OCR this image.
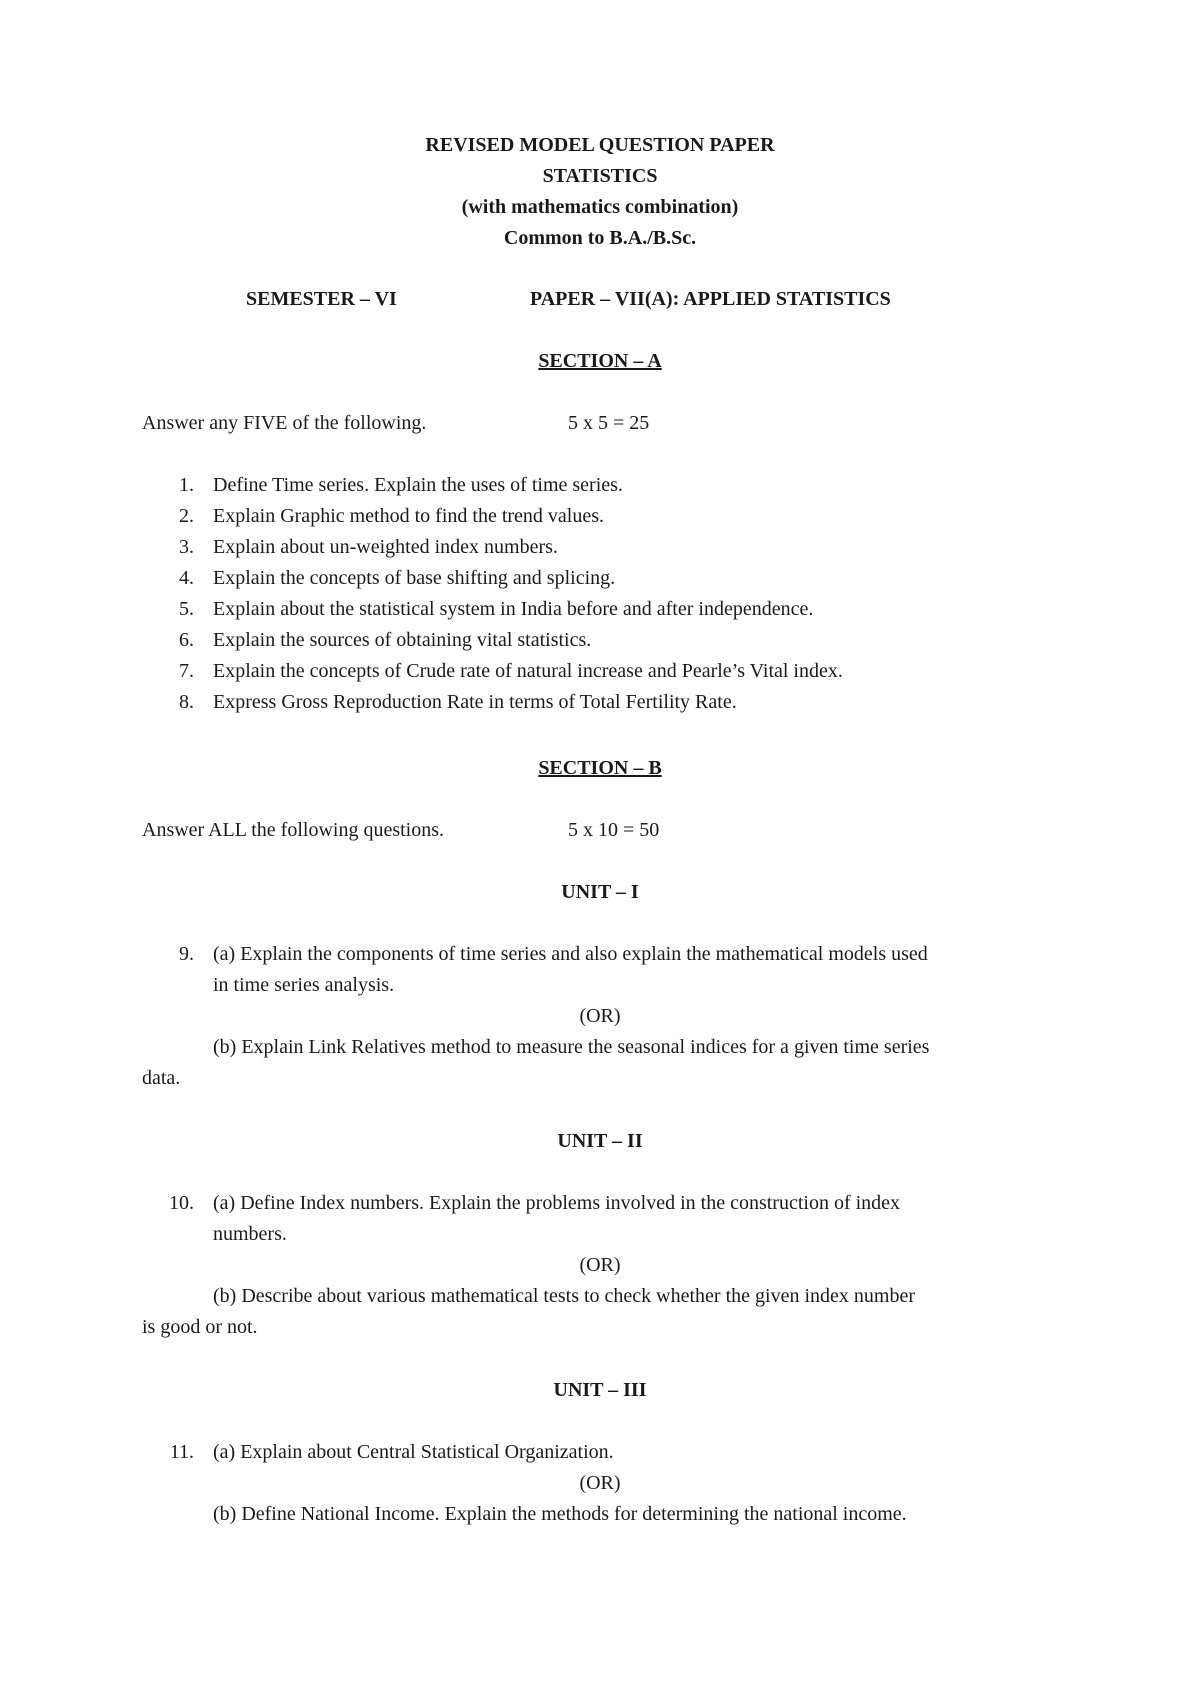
REVISED MODEL QUESTION PAPER
STATISTICS
(with mathematics combination)
Common to B.A./B.Sc.
SEMESTER – VI	PAPER – VII(A): APPLIED STATISTICS
SECTION – A
Answer any FIVE of the following.	5 x 5 = 25
1. Define Time series. Explain the uses of time series.
2. Explain Graphic method to find the trend values.
3. Explain about un-weighted index numbers.
4. Explain the concepts of base shifting and splicing.
5. Explain about the statistical system in India before and after independence.
6. Explain the sources of obtaining vital statistics.
7. Explain the concepts of Crude rate of natural increase and Pearle’s Vital index.
8. Express Gross Reproduction Rate in terms of Total Fertility Rate.
SECTION – B
Answer ALL the following questions.	5 x 10 = 50
UNIT – I
9. (a) Explain the components of time series and also explain the mathematical models used
in time series analysis.
(OR)
(b) Explain Link Relatives method to measure the seasonal indices for a given time series
data.
UNIT – II
10. (a) Define Index numbers. Explain the problems involved in the construction of index
numbers.
(OR)
(b) Describe about various mathematical tests to check whether the given index number
is good or not.
UNIT – III
11. (a) Explain about Central Statistical Organization.
(OR)
(b) Define National Income. Explain the methods for determining the national income.
